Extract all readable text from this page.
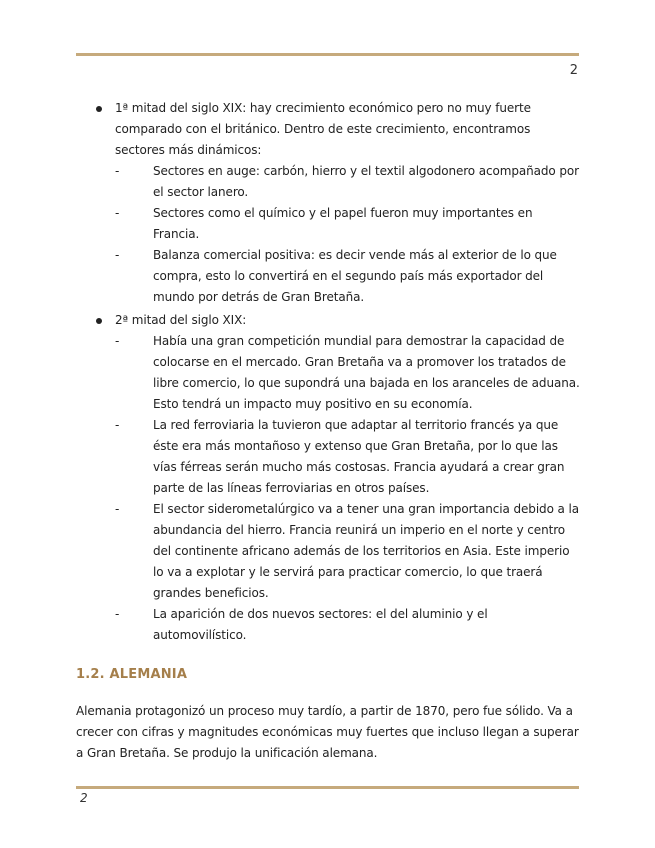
2
1ª mitad del siglo XIX: hay crecimiento económico pero no muy fuerte comparado con el británico. Dentro de este crecimiento, encontramos sectores más dinámicos:
-	Sectores en auge: carbón, hierro y el textil algodonero acompañado por el sector lanero.
-	Sectores como el químico y el papel fueron muy importantes en Francia.
-	Balanza comercial positiva: es decir vende más al exterior de lo que compra, esto lo convertirá en el segundo país más exportador del mundo por detrás de Gran Bretaña.
2ª mitad del siglo XIX:
-	Había una gran competición mundial para demostrar la capacidad de colocarse en el mercado. Gran Bretaña va a promover los tratados de libre comercio, lo que supondrá una bajada en los aranceles de aduana. Esto tendrá un impacto muy positivo en su economía.
-	La red ferroviaria la tuvieron que adaptar al territorio francés ya que éste era más montañoso y extenso que Gran Bretaña, por lo que las vías férreas serán mucho más costosas. Francia ayudará a crear gran parte de las líneas ferroviarias en otros países.
-	El sector siderometalúrgico va a tener una gran importancia debido a la abundancia del hierro. Francia reunirá un imperio en el norte y centro del continente africano además de los territorios en Asia. Este imperio lo va a explotar y le servirá para practicar comercio, lo que traerá grandes beneficios.
-	La aparición de dos nuevos sectores: el del aluminio y el automovilístico.
1.2. ALEMANIA
Alemania protagonizó un proceso muy tardío, a partir de 1870, pero fue sólido. Va a crecer con cifras y magnitudes económicas muy fuertes que incluso llegan a superar a Gran Bretaña. Se produjo la unificación alemana.
2
